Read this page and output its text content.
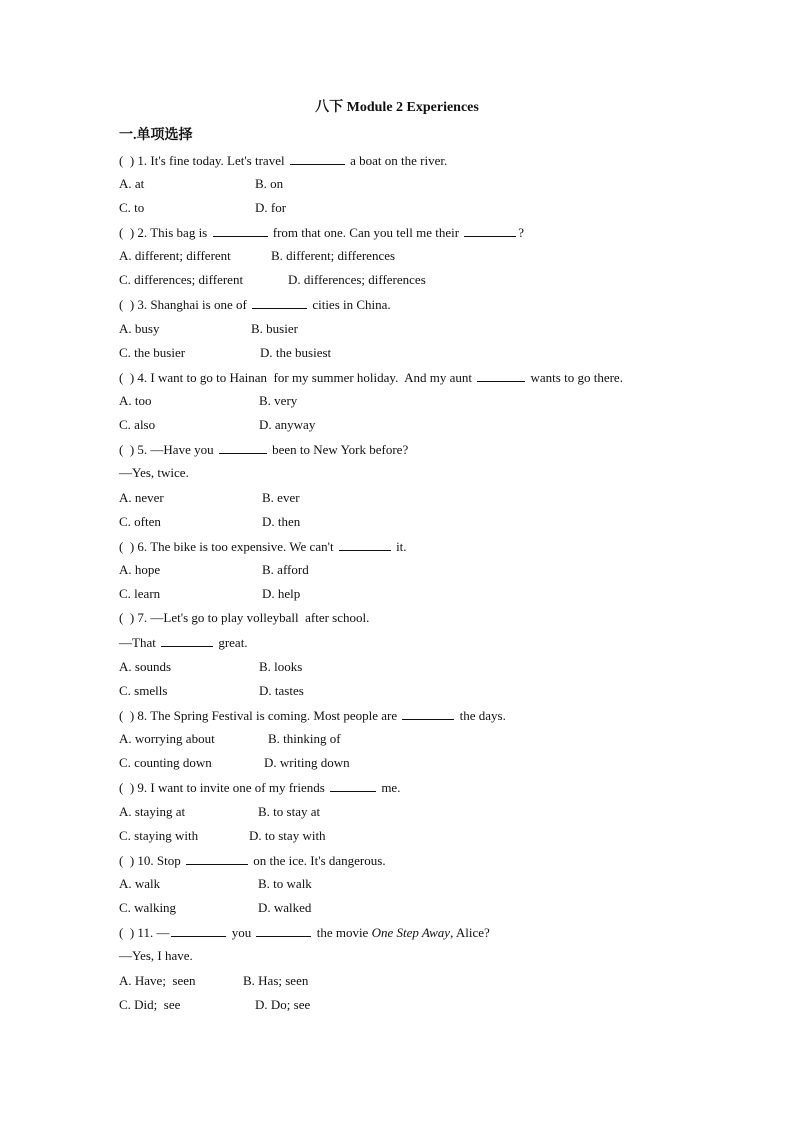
八下 Module 2 Experiences
一.单项选择
(  ) 1. It's fine today. Let's travel	a boat on the river.
A. at	B. on
C. to	D. for
(  ) 2. This bag is	from that one. Can you tell me their	?
A. different; different	B. different; differences
C. differences; different	D. differences; differences
(  ) 3. Shanghai is one of	cities in China.
A. busy	B. busier
C. the busier	D. the busiest
(  ) 4. I want to go to Hainan  for my summer holiday.  And my aunt	wants to go there.
A. too	B. very
C. also	D. anyway
(  ) 5. —Have you	been to New York before?
—Yes, twice.
A. never	B. ever
C. often	D. then
(  ) 6. The bike is too expensive. We can't	it.
A. hope	B. afford
C. learn	D. help
(  ) 7. —Let's go to play volleyball  after school.
—That	great.
A. sounds	B. looks
C. smells	D. tastes
(  ) 8. The Spring Festival is coming. Most people are	the days.
A. worrying about	B. thinking of
C. counting down	D. writing down
(  ) 9. I want to invite one of my friends	me.
A. staying at	B. to stay at
C. staying with	D. to stay with
(  ) 10. Stop	on the ice. It's dangerous.
A. walk	B. to walk
C. walking	D. walked
(  ) 11. —	you	the movie One Step Away, Alice?
—Yes, I have.
A. Have;  seen	B. Has; seen
C. Did;  see	D. Do; see
